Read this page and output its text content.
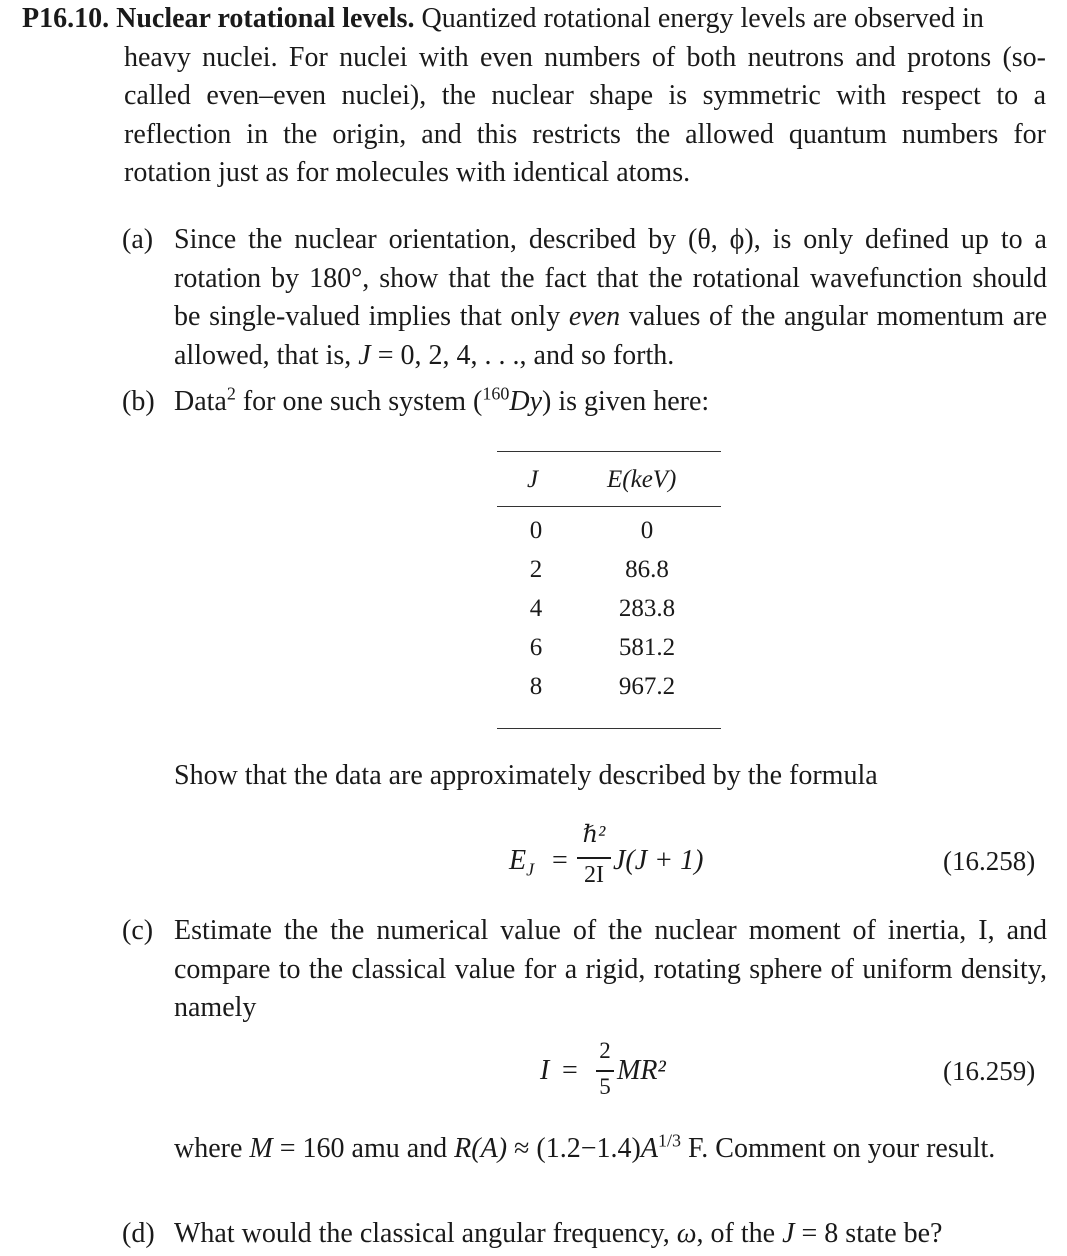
P16.10. Nuclear rotational levels. Quantized rotational energy levels are observed in
heavy nuclei. For nuclei with even numbers of both neutrons and protons (so-called even–even nuclei), the nuclear shape is symmetric with respect to a reflection in the origin, and this restricts the allowed quantum numbers for rotation just as for molecules with identical atoms.
(a) Since the nuclear orientation, described by (θ, ϕ), is only defined up to a rotation by 180°, show that the fact that the rotational wavefunction should be single-valued implies that only even values of the angular momentum are allowed, that is, J = 0, 2, 4, . . ., and so forth.
(b) Data$^2$ for one such system ($^{160}$Dy) is given here:
J	E(keV)
0	0
2	86.8
4	283.8
6	581.2
8	967.2
Show that the data are approximately described by the formula
$E_J$ =
ℏ²
2I J(J + 1)	(16.258)
(c) Estimate the the numerical value of the nuclear moment of inertia, I, and compare to the classical value for a rigid, rotating sphere of uniform density, namely
I =
2
5
MR²	(16.259)
where M = 160 amu and $R(A) \approx (1.2-1.4)A^{1/3}$ F. Comment on your result.
(d) What would the classical angular frequency, ω, of the J = 8 state be?
